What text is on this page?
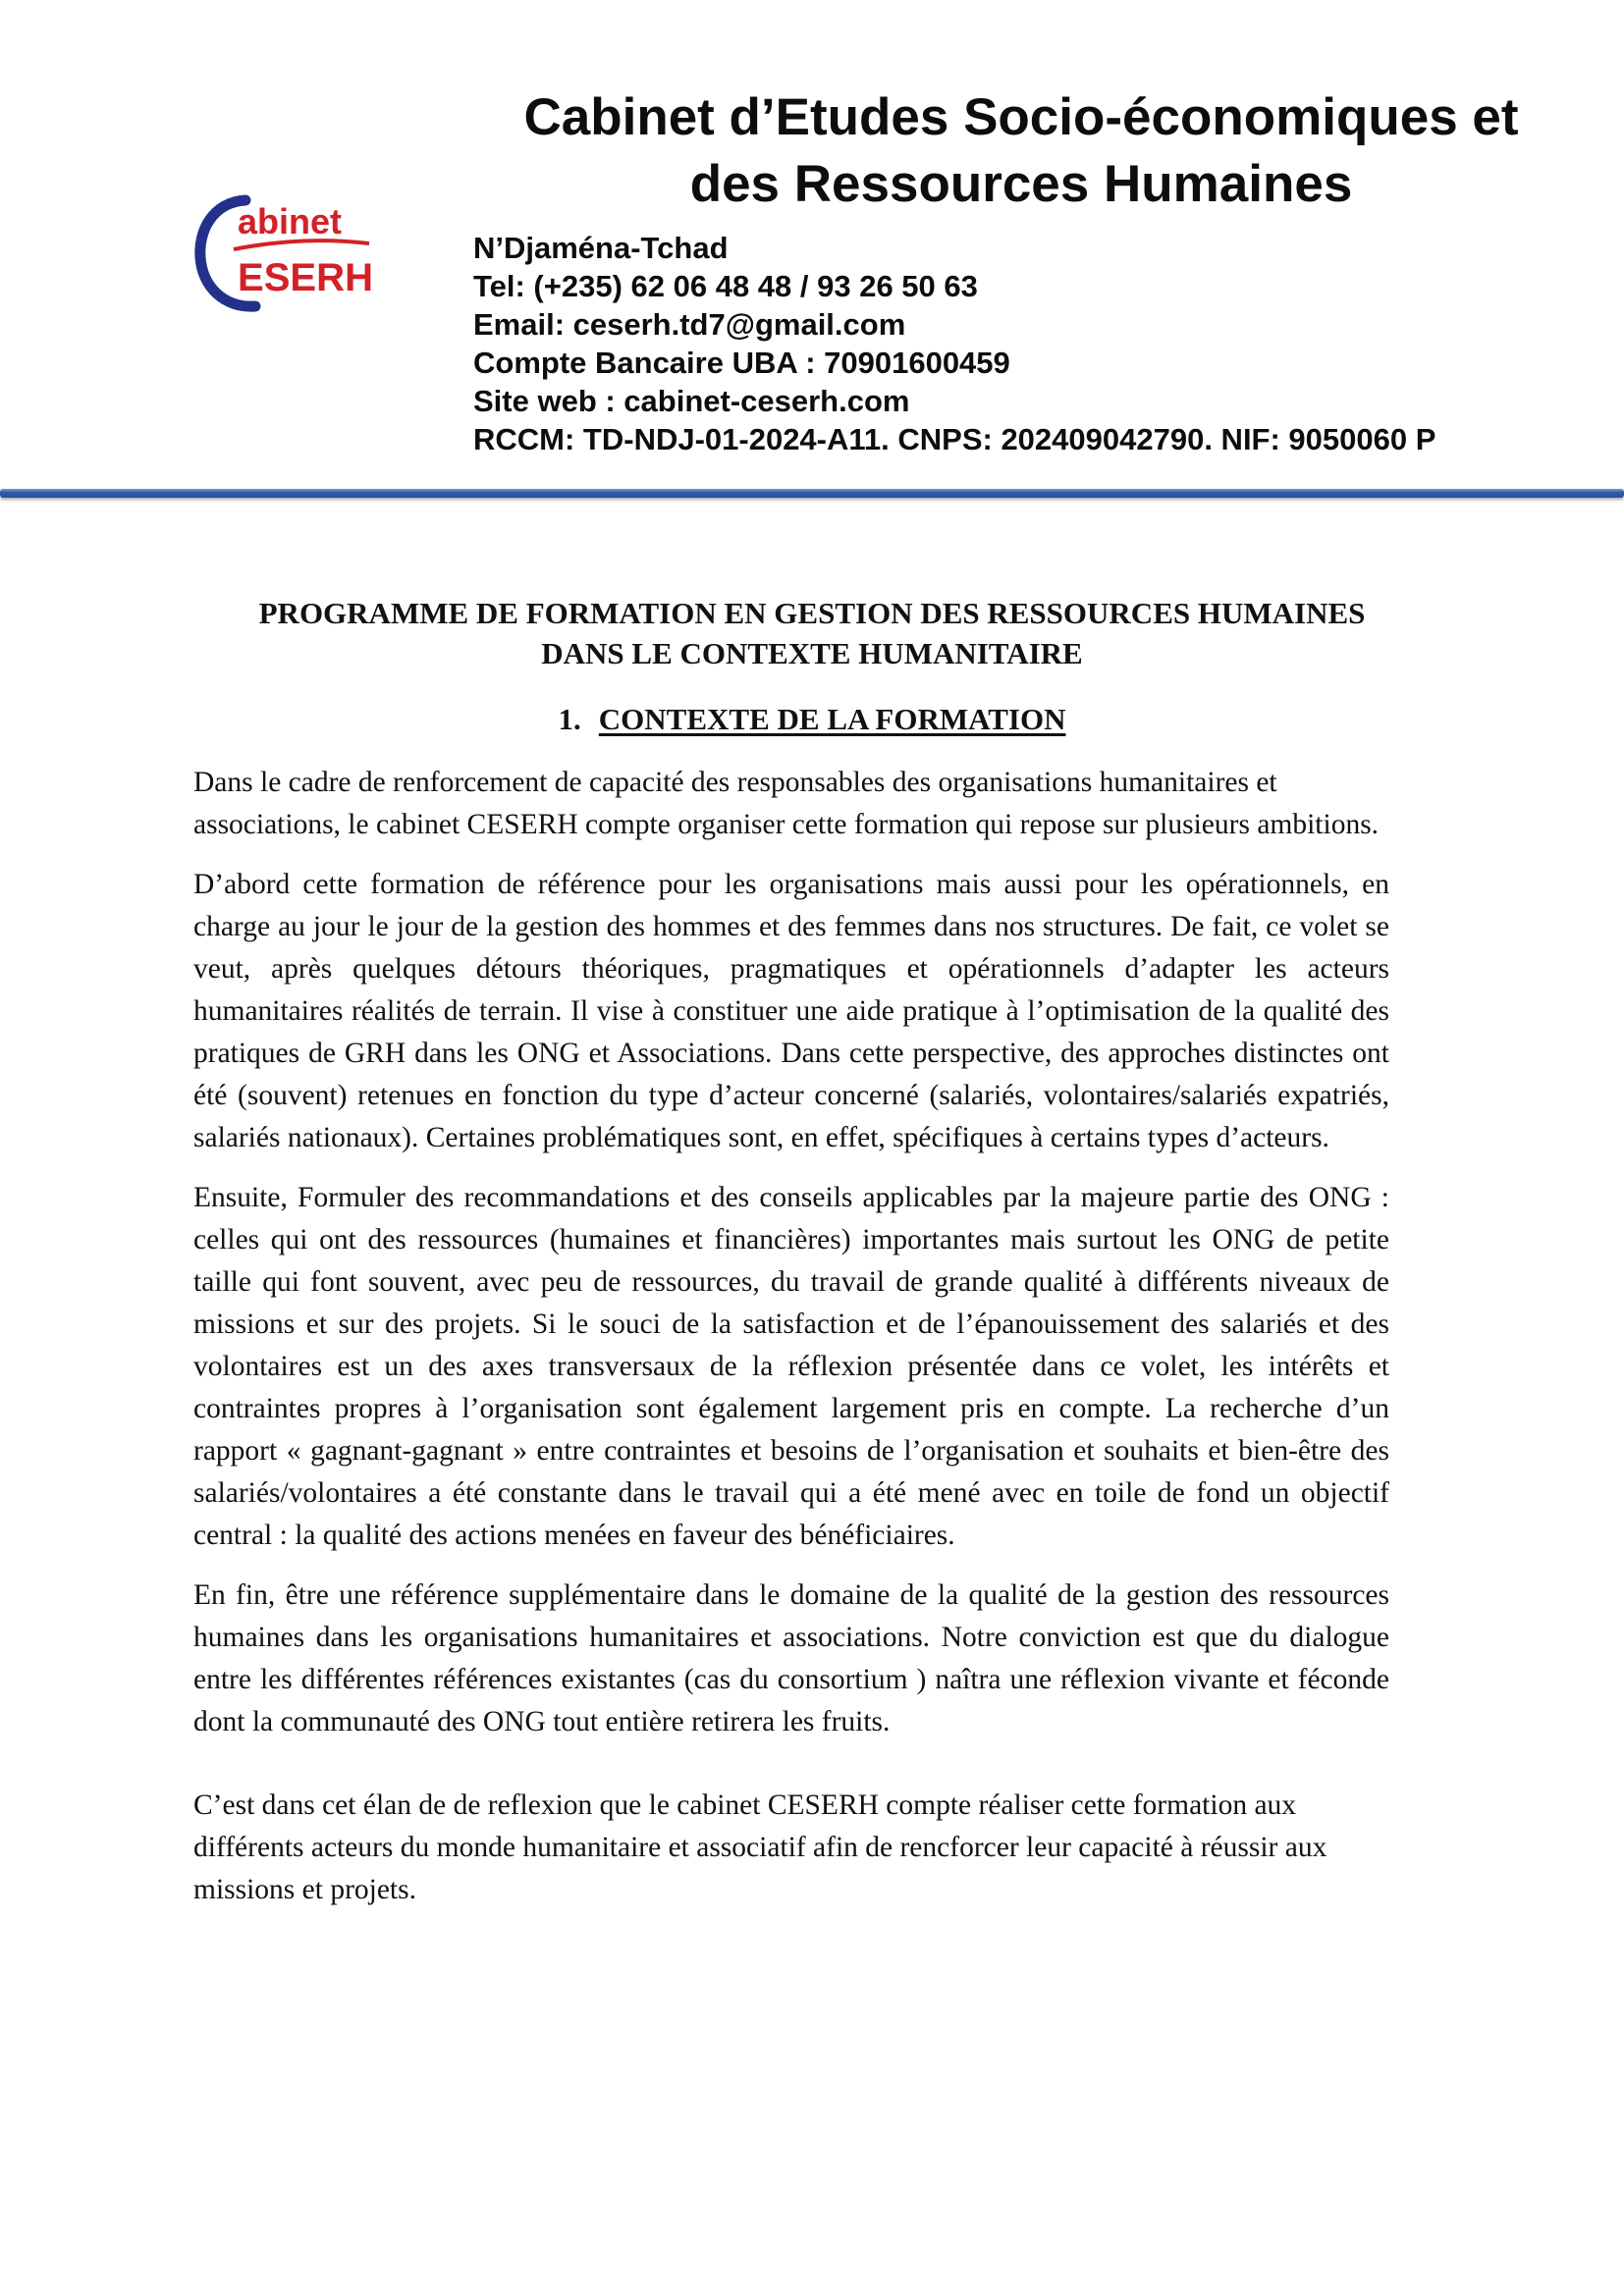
abinet
ESERH
Cabinet d’Etudes Socio-économiques et
des Ressources Humaines
N’Djaména-Tchad
Tel: (+235) 62 06 48 48 / 93 26 50 63
Email: ceserh.td7@gmail.com
Compte Bancaire UBA : 70901600459
Site web : cabinet-ceserh.com
RCCM: TD-NDJ-01-2024-A11. CNPS: 202409042790. NIF: 9050060 P
PROGRAMME DE FORMATION EN GESTION DES RESSOURCES HUMAINES
DANS LE CONTEXTE HUMANITAIRE
1. CONTEXTE DE LA FORMATION

Dans le cadre de renforcement de capacité des responsables des organisations humanitaires et associations, le cabinet CESERH compte organiser cette formation qui repose sur plusieurs ambitions.

D’abord cette formation de référence pour les organisations mais aussi pour les opérationnels, en charge au jour le jour de la gestion des hommes et des femmes dans nos structures. De fait, ce volet se veut, après quelques détours théoriques, pragmatiques et opérationnels d’adapter les acteurs humanitaires réalités de terrain. Il vise à constituer une aide pratique à l’optimisation de la qualité des pratiques de GRH dans les ONG et Associations. Dans cette perspective, des approches distinctes ont été (souvent) retenues en fonction du type d’acteur concerné (salariés, volontaires/salariés expatriés, salariés nationaux). Certaines problématiques sont, en effet, spécifiques à certains types d’acteurs.

Ensuite, Formuler des recommandations et des conseils applicables par la majeure partie des ONG : celles qui ont des ressources (humaines et financières) importantes mais surtout les ONG de petite taille qui font souvent, avec peu de ressources, du travail de grande qualité à différents niveaux de missions et sur des projets. Si le souci de la satisfaction et de l’épanouissement des salariés et des volontaires est un des axes transversaux de la réflexion présentée dans ce volet, les intérêts et contraintes propres à l’organisation sont également largement pris en compte. La recherche d’un rapport « gagnant-gagnant » entre contraintes et besoins de l’organisation et souhaits et bien-être des salariés/volontaires a été constante dans le travail qui a été mené avec en toile de fond un objectif central : la qualité des actions menées en faveur des bénéficiaires.

En fin, être une référence supplémentaire dans le domaine de la qualité de la gestion des ressources humaines dans les organisations humanitaires et associations. Notre conviction est que du dialogue entre les différentes références existantes (cas du consortium ) naîtra une réflexion vivante et féconde dont la communauté des ONG tout entière retirera les fruits.

C’est dans cet élan de de reflexion que le cabinet CESERH compte réaliser cette formation aux différents acteurs du monde humanitaire et associatif afin de rencforcer leur capacité à réussir aux missions et projets.
